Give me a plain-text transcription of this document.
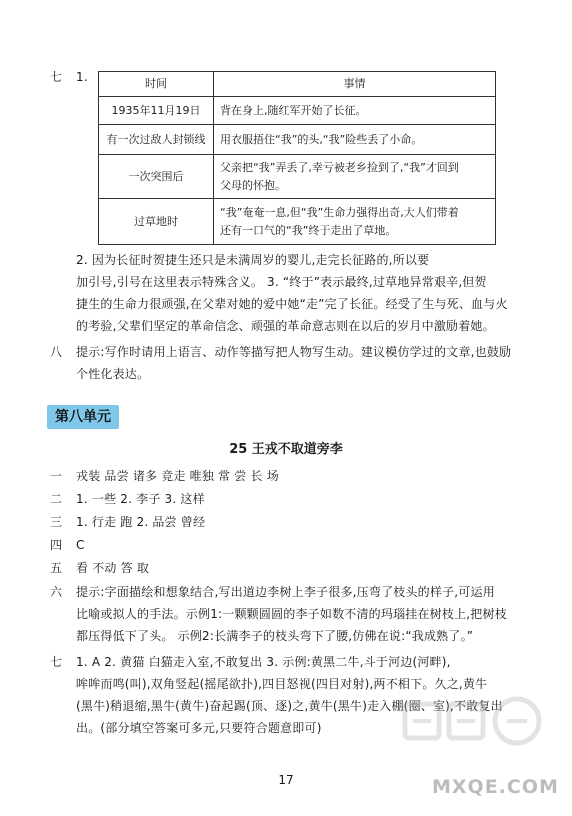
七 1.	时间	事情
1935年11月19日	背在身上,随红军开始了长征。
有一次过敌人封锁线	用衣服捂住“我”的头,“我”险些丢了小命。
一次突围后	父亲把“我”弄丢了,幸亏被老乡捡到了,“我”才回到
父母的怀抱。
过草地时	“我”奄奄一息,但“我”生命力强得出奇,大人们带着
还有一口气的“我”终于走出了草地。
2. 因为长征时贺捷生还只是未满周岁的婴儿,走完长征路的,所以要
加引号,引号在这里表示特殊含义。 3. “终于”表示最终,过草地异常艰辛,但贺
捷生的生命力很顽强,在父辈对她的爱中她“走”完了长征。经受了生与死、血与火
的考验,父辈们坚定的革命信念、顽强的革命意志则在以后的岁月中激励着她。
八 提示:写作时请用上语言、动作等描写把人物写生动。建议模仿学过的文章,也鼓励
个性化表达。
第八单元
25 王戎不取道旁李
一 戎装 品尝 诸多 竞走 唯独 常 尝 长 场
二 1. 一些 2. 李子 3. 这样
三 1. 行走 跑 2. 品尝 曾经
四 C
五 看 不动 答 取
六 提示:字面描绘和想象结合,写出道边李树上李子很多,压弯了枝头的样子,可运用
比喻或拟人的手法。示例1:一颗颗圆圆的李子如数不清的玛瑙挂在树枝上,把树枝
都压得低下了头。 示例2:长满李子的枝头弯下了腰,仿佛在说:“我成熟了。”
七 1. A 2. 黄猫 白猫走入室,不敢复出 3. 示例:黄黑二牛,斗于河边(河畔),
哞哞而鸣(叫),双角竖起(摇尾欲扑),四目怒视(四目对射),两不相下。久之,黄牛
(黑牛)稍退缩,黑牛(黄牛)奋起踢(顶、逐)之,黄牛(黑牛)走入棚(圈、室),不敢复出
出。(部分填空答案可多元,只要符合题意即可)
17	MXQE.COM
